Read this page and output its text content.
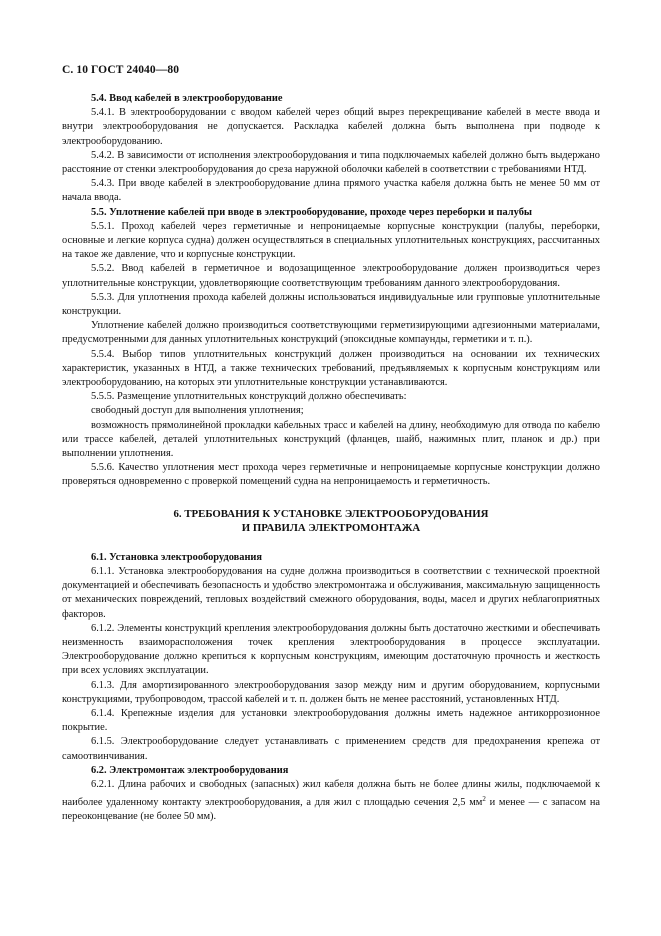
С. 10 ГОСТ 24040—80

5.4. Ввод кабелей в электрооборудование

5.4.1. В электрооборудовании с вводом кабелей через общий вырез перекрещивание кабелей в месте ввода и внутри электрооборудования не допускается. Раскладка кабелей должна быть выполнена при подводе к электрооборудованию.

5.4.2. В зависимости от исполнения электрооборудования и типа подключаемых кабелей должно быть выдержано расстояние от стенки электрооборудования до среза наружной оболочки кабелей в соответствии с требованиями НТД.

5.4.3. При вводе кабелей в электрооборудование длина прямого участка кабеля должна быть не менее 50 мм от начала ввода.

5.5. Уплотнение кабелей при вводе в электрооборудование, проходе через переборки и палубы

5.5.1. Проход кабелей через герметичные и непроницаемые корпусные конструкции (палубы, переборки, основные и легкие корпуса судна) должен осуществляться в специальных уплотнительных конструкциях, рассчитанных на такое же давление, что и корпусные конструкции.

5.5.2. Ввод кабелей в герметичное и водозащищенное электрооборудование должен производиться через уплотнительные конструкции, удовлетворяющие соответствующим требованиям данного электрооборудования.

5.5.3. Для уплотнения прохода кабелей должны использоваться индивидуальные или групповые уплотнительные конструкции.

Уплотнение кабелей должно производиться соответствующими герметизирующими адгезионными материалами, предусмотренными для данных уплотнительных конструкций (эпоксидные компаунды, герметики и т. п.).

5.5.4. Выбор типов уплотнительных конструкций должен производиться на основании их технических характеристик, указанных в НТД, а также технических требований, предъявляемых к корпусным конструкциям или электрооборудованию, на которых эти уплотнительные конструкции устанавливаются.

5.5.5. Размещение уплотнительных конструкций должно обеспечивать:

свободный доступ для выполнения уплотнения;

возможность прямолинейной прокладки кабельных трасс и кабелей на длину, необходимую для отвода по кабелю или трассе кабелей, деталей уплотнительных конструкций (фланцев, шайб, нажимных плит, планок и др.) при выполнении уплотнения.

5.5.6. Качество уплотнения мест прохода через герметичные и непроницаемые корпусные конструкции должно проверяться одновременно с проверкой помещений судна на непроницаемость и герметичность.

6. ТРЕБОВАНИЯ К УСТАНОВКЕ ЭЛЕКТРООБОРУДОВАНИЯ
И ПРАВИЛА ЭЛЕКТРОМОНТАЖА

6.1. Установка электрооборудования

6.1.1. Установка электрооборудования на судне должна производиться в соответствии с технической проектной документацией и обеспечивать безопасность и удобство электромонтажа и обслуживания, максимальную защищенность от механических повреждений, тепловых воздействий смежного оборудования, воды, масел и других неблагоприятных факторов.

6.1.2. Элементы конструкций крепления электрооборудования должны быть достаточно жесткими и обеспечивать неизменность взаиморасположения точек крепления электрооборудования в процессе эксплуатации. Электрооборудование должно крепиться к корпусным конструкциям, имеющим достаточную прочность и жесткость при всех условиях эксплуатации.

6.1.3. Для амортизированного электрооборудования зазор между ним и другим оборудованием, корпусными конструкциями, трубопроводом, трассой кабелей и т. п. должен быть не менее расстояний, установленных НТД.

6.1.4. Крепежные изделия для установки электрооборудования должны иметь надежное антикоррозионное покрытие.

6.1.5. Электрооборудование следует устанавливать с применением средств для предохранения крепежа от самоотвинчивания.

6.2. Электромонтаж электрооборудования

6.2.1. Длина рабочих и свободных (запасных) жил кабеля должна быть не более длины жилы, подключаемой к наиболее удаленному контакту электрооборудования, а для жил с площадью сечения 2,5 $мм^2$ и менее — с запасом на переоконцевание (не более 50 мм).
